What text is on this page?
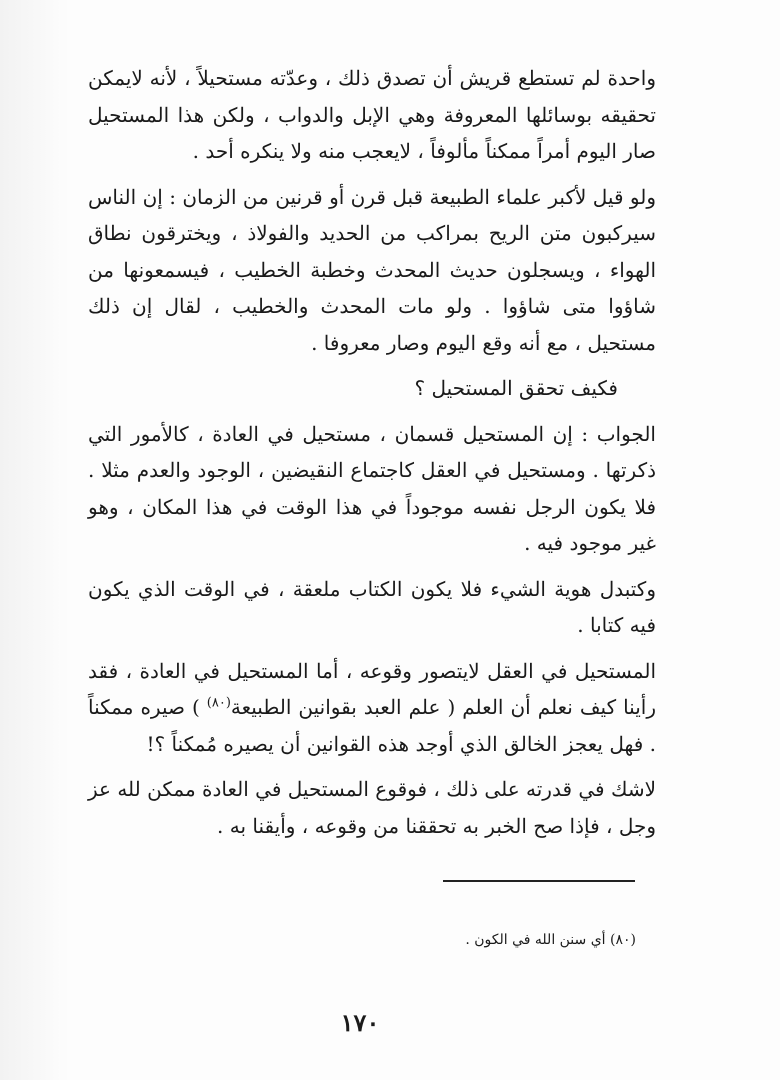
واحدة لم تستطع قريش أن تصدق ذلك ، وعدّته مستحيلاً ، لأنه لايمكن تحقيقه بوسائلها المعروفة وهي الإبل والدواب ، ولكن هذا المستحيل صار اليوم أمراً ممكناً مألوفاً ، لايعجب منه ولا ينكره أحد .

ولو قيل لأكبر علماء الطبيعة قبل قرن أو قرنين من الزمان : إن الناس سيركبون متن الريح بمراكب من الحديد والفولاذ ، ويخترقون نطاق الهواء ، ويسجلون حديث المحدث وخطبة الخطيب ، فيسمعونها من شاؤوا متى شاؤوا . ولو مات المحدث والخطيب ، لقال إن ذلك مستحيل ، مع أنه وقع اليوم وصار معروفا .

فكيف تحقق المستحيل ؟

الجواب : إن المستحيل قسمان ، مستحيل في العادة ، كالأمور التي ذكرتها . ومستحيل في العقل كاجتماع النقيضين ، الوجود والعدم مثلا . فلا يكون الرجل نفسه موجوداً في هذا الوقت في هذا المكان ، وهو غير موجود فيه .

وكتبدل هوية الشيء فلا يكون الكتاب ملعقة ، في الوقت الذي يكون فيه كتابا .

المستحيل في العقل لايتصور وقوعه ، أما المستحيل في العادة ، فقد رأينا كيف نعلم أن العلم ( علم العبد بقوانين الطبيعة$^{(٨٠)}$ ) صيره ممكناً . فهل يعجز الخالق الذي أوجد هذه القوانين أن يصيره مُمكناً ؟!

لاشك في قدرته على ذلك ، فوقوع المستحيل في العادة ممكن لله عز وجل ، فإذا صح الخبر به تحققنا من وقوعه ، وأيقنا به .

(٨٠) أي سنن الله في الكون .
١٧٠
